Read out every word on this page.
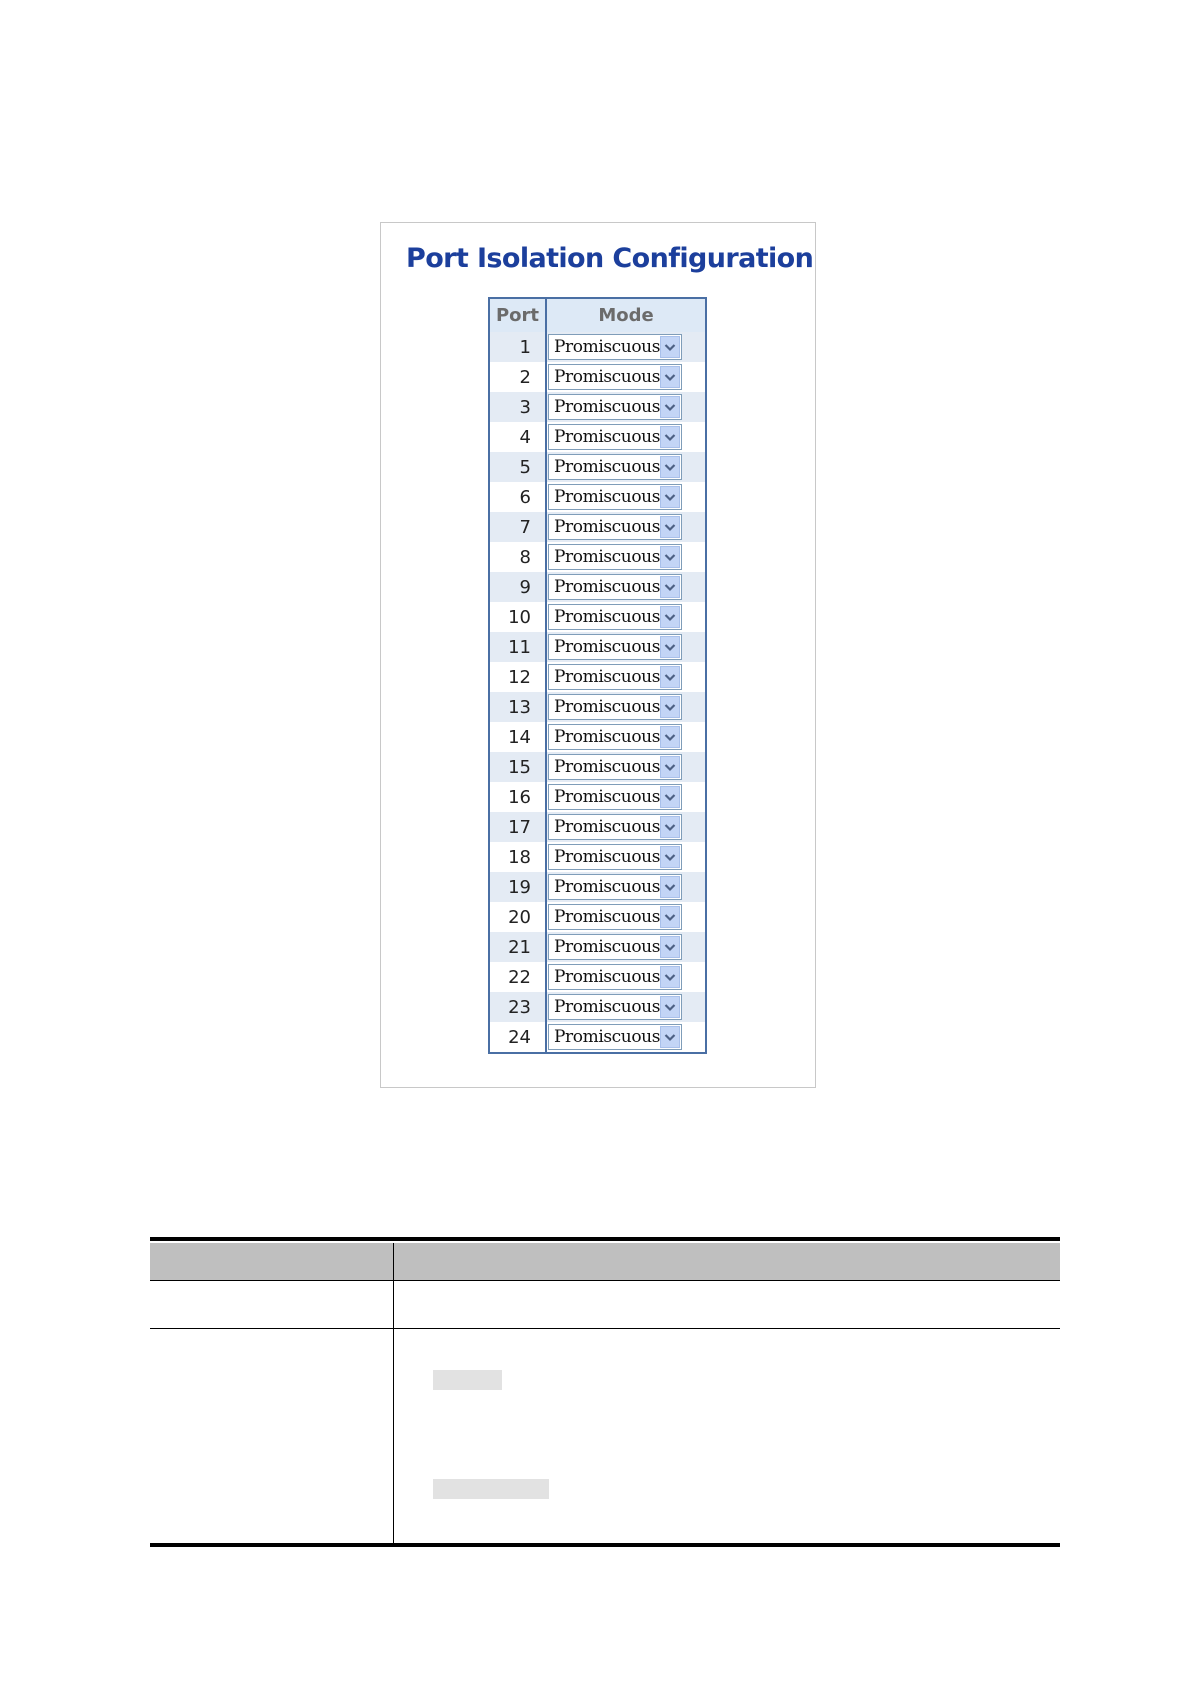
Port Isolation Configuration
Port	Mode
1	Promiscuous

2	Promiscuous

3	Promiscuous

4	Promiscuous

5	Promiscuous

6	Promiscuous

7	Promiscuous

8	Promiscuous

9	Promiscuous

10	Promiscuous

11	Promiscuous

12	Promiscuous

13	Promiscuous

14	Promiscuous

15	Promiscuous

16	Promiscuous

17	Promiscuous

18	Promiscuous

19	Promiscuous

20	Promiscuous

21	Promiscuous

22	Promiscuous

23	Promiscuous

24	Promiscuous
